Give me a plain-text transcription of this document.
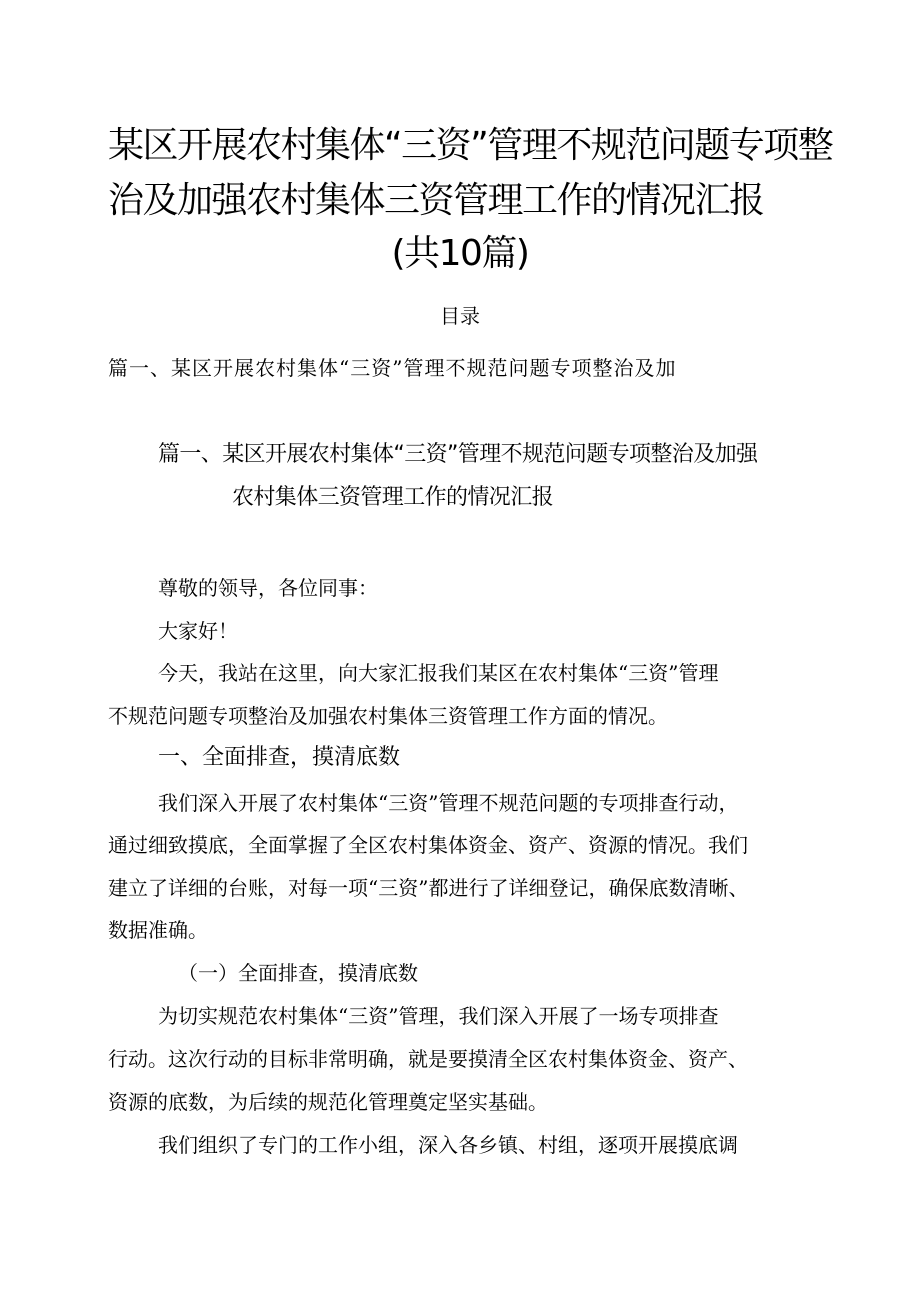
某区开展农村集体“三资”管理不规范问题专项整
治及加强农村集体三资管理工作的情况汇报
(共10篇)
目录
篇一、某区开展农村集体“三资”管理不规范问题专项整治及加
篇一、某区开展农村集体“三资”管理不规范问题专项整治及加强
农村集体三资管理工作的情况汇报
尊敬的领导，各位同事：
大家好！
今天，我站在这里，向大家汇报我们某区在农村集体“三资”管理
不规范问题专项整治及加强农村集体三资管理工作方面的情况。
一、全面排查，摸清底数
我们深入开展了农村集体“三资”管理不规范问题的专项排查行动，
通过细致摸底，全面掌握了全区农村集体资金、资产、资源的情况。我们
建立了详细的台账，对每一项“三资”都进行了详细登记，确保底数清晰、
数据准确。
（一）全面排查，摸清底数
为切实规范农村集体“三资”管理，我们深入开展了一场专项排查
行动。这次行动的目标非常明确，就是要摸清全区农村集体资金、资产、
资源的底数，为后续的规范化管理奠定坚实基础。
我们组织了专门的工作小组，深入各乡镇、村组，逐项开展摸底调
